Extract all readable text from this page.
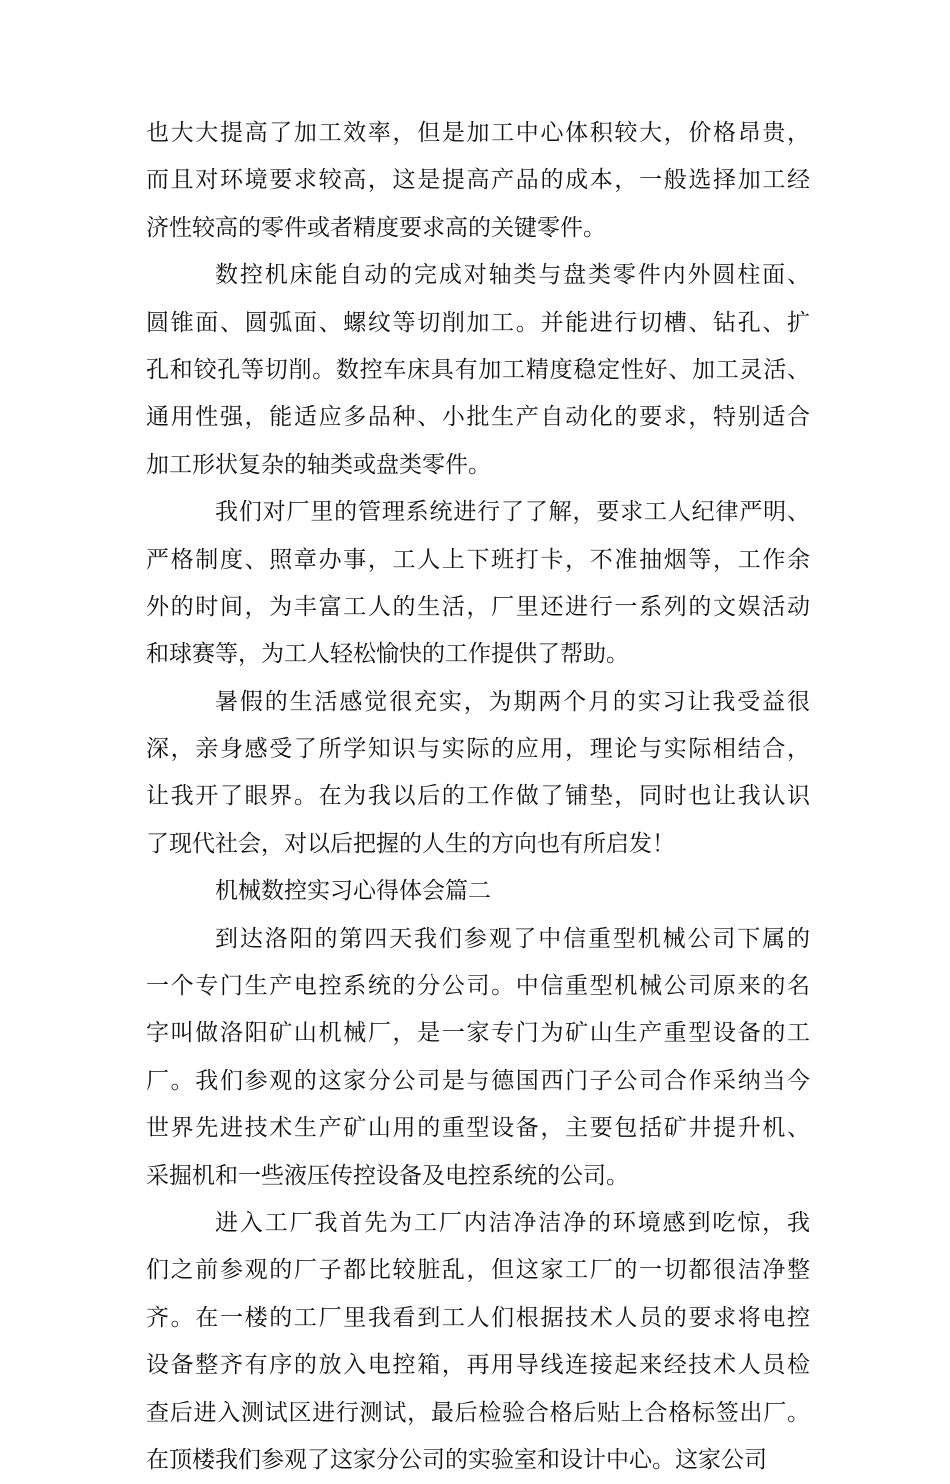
也大大提高了加工效率，但是加工中心体积较大，价格昂贵，
而且对环境要求较高，这是提高产品的成本，一般选择加工经
济性较高的零件或者精度要求高的关键零件。
数控机床能自动的完成对轴类与盘类零件内外圆柱面、
圆锥面、圆弧面、螺纹等切削加工。并能进行切槽、钻孔、扩
孔和铰孔等切削。数控车床具有加工精度稳定性好、加工灵活、
通用性强，能适应多品种、小批生产自动化的要求，特别适合
加工形状复杂的轴类或盘类零件。
我们对厂里的管理系统进行了了解，要求工人纪律严明、
严格制度、照章办事，工人上下班打卡，不准抽烟等，工作余
外的时间，为丰富工人的生活，厂里还进行一系列的文娱活动
和球赛等，为工人轻松愉快的工作提供了帮助。
暑假的生活感觉很充实，为期两个月的实习让我受益很
深，亲身感受了所学知识与实际的应用，理论与实际相结合，
让我开了眼界。在为我以后的工作做了铺垫，同时也让我认识
了现代社会，对以后把握的人生的方向也有所启发！
机械数控实习心得体会篇二
到达洛阳的第四天我们参观了中信重型机械公司下属的
一个专门生产电控系统的分公司。中信重型机械公司原来的名
字叫做洛阳矿山机械厂，是一家专门为矿山生产重型设备的工
厂。我们参观的这家分公司是与德国西门子公司合作采纳当今
世界先进技术生产矿山用的重型设备，主要包括矿井提升机、
采掘机和一些液压传控设备及电控系统的公司。
进入工厂我首先为工厂内洁净洁净的环境感到吃惊，我
们之前参观的厂子都比较脏乱，但这家工厂的一切都很洁净整
齐。在一楼的工厂里我看到工人们根据技术人员的要求将电控
设备整齐有序的放入电控箱，再用导线连接起来经技术人员检
查后进入测试区进行测试，最后检验合格后贴上合格标签出厂。
在顶楼我们参观了这家分公司的实验室和设计中心。这家公司
